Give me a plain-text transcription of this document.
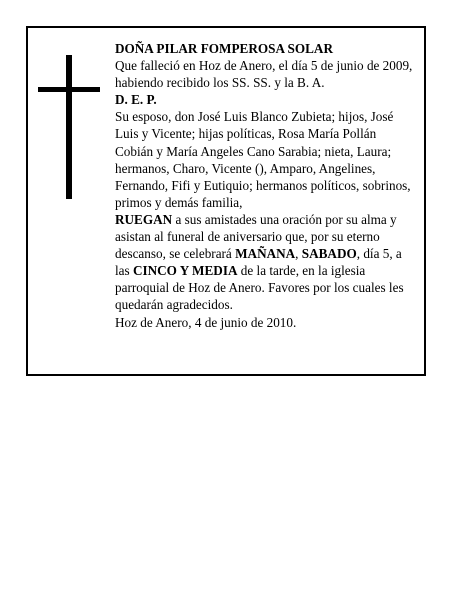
DOÑA PILAR FOMPEROSA SOLAR

Que falleció en Hoz de Anero, el día 5 de junio de 2009, habiendo recibido los SS. SS. y la B. A.

D. E. P.

Su esposo, don José Luis Blanco Zubieta; hijos, José Luis y Vicente; hijas políticas, Rosa María Pollán Cobián y María Angeles Cano Sarabia; nieta, Laura; hermanos, Charo, Vicente (), Amparo, Angelines, Fernando, Fifi y Eutiquio; hermanos políticos, sobrinos, primos y demás familia,

RUEGAN a sus amistades una oración por su alma y asistan al funeral de aniversario que, por su eterno descanso, se celebrará MAÑANA, SABADO, día 5, a las CINCO Y MEDIA de la tarde, en la iglesia parroquial de Hoz de Anero. Favores por los cuales les quedarán agradecidos.

Hoz de Anero, 4 de junio de 2010.
